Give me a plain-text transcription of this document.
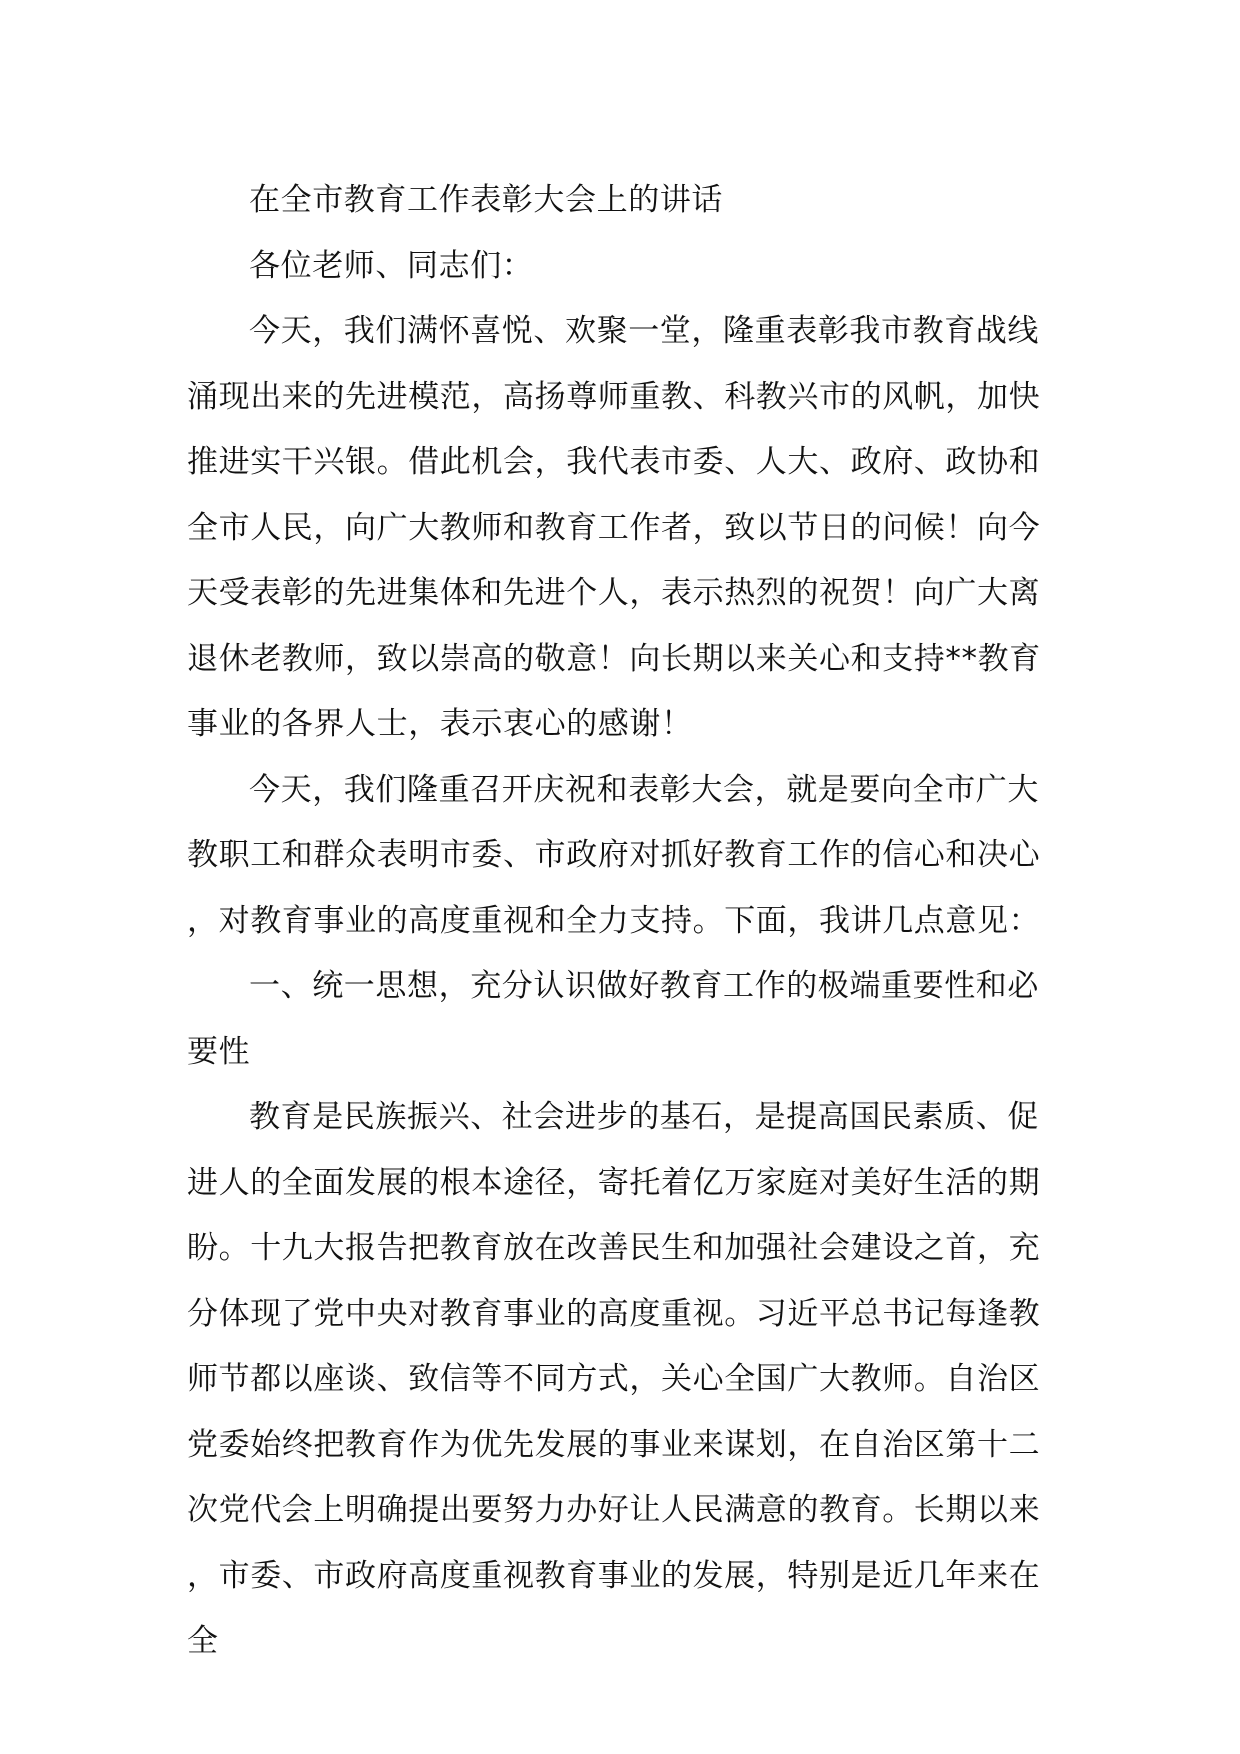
在全市教育工作表彰大会上的讲话

各位老师、同志们：

今天，我们满怀喜悦、欢聚一堂，隆重表彰我市教育战线涌现出来的先进模范，高扬尊师重教、科教兴市的风帆，加快推进实干兴银。借此机会，我代表市委、人大、政府、政协和全市人民，向广大教师和教育工作者，致以节日的问候！向今天受表彰的先进集体和先进个人，表示热烈的祝贺！向广大离退休老教师，致以崇高的敬意！向长期以来关心和支持**教育事业的各界人士，表示衷心的感谢！

今天，我们隆重召开庆祝和表彰大会，就是要向全市广大教职工和群众表明市委、市政府对抓好教育工作的信心和决心，对教育事业的高度重视和全力支持。下面，我讲几点意见：

一、统一思想，充分认识做好教育工作的极端重要性和必要性

教育是民族振兴、社会进步的基石，是提高国民素质、促进人的全面发展的根本途径，寄托着亿万家庭对美好生活的期盼。十九大报告把教育放在改善民生和加强社会建设之首，充分体现了党中央对教育事业的高度重视。习近平总书记每逢教师节都以座谈、致信等不同方式，关心全国广大教师。自治区党委始终把教育作为优先发展的事业来谋划，在自治区第十二次党代会上明确提出要努力办好让人民满意的教育。长期以来，市委、市政府高度重视教育事业的发展，特别是近几年来在全
